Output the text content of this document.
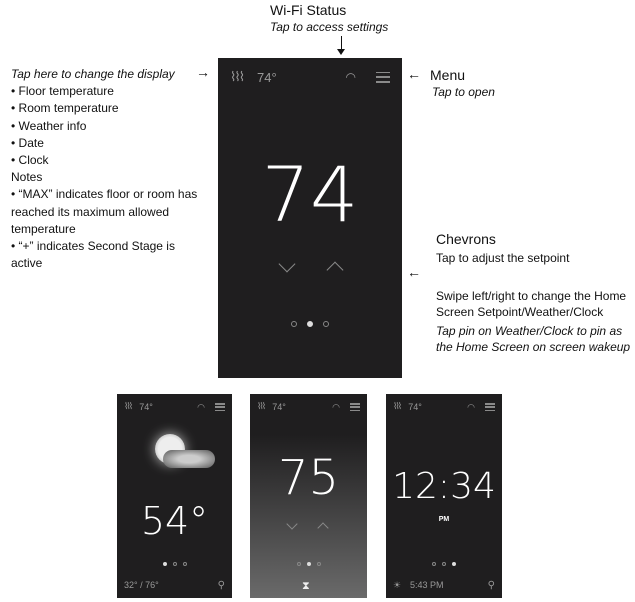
Wi-Fi Status
Tap to access settings
Tap here to change the display
• Floor temperature
• Room temperature
• Weather info
• Date
• Clock
Notes
• “MAX” indicates floor or room has reached its maximum allowed temperature
• “+” indicates Second Stage is active
→	Menu
Tap to open
←
Chevrons
Tap to adjust the setpoint
←
Swipe left/right to change the Home Screen Setpoint/Weather/Clock
Tap pin on Weather/Clock to pin as the Home Screen on screen wakeup
⌇⌇⌇ 74°	◠
74
⌇⌇⌇ 74°	◠
54°
32° / 76°	⚲
⌇⌇⌇ 74°	◠
75
⧗
⌇⌇⌇ 74°	◠
12:34
PM
☀ 5:43 PM	⚲
